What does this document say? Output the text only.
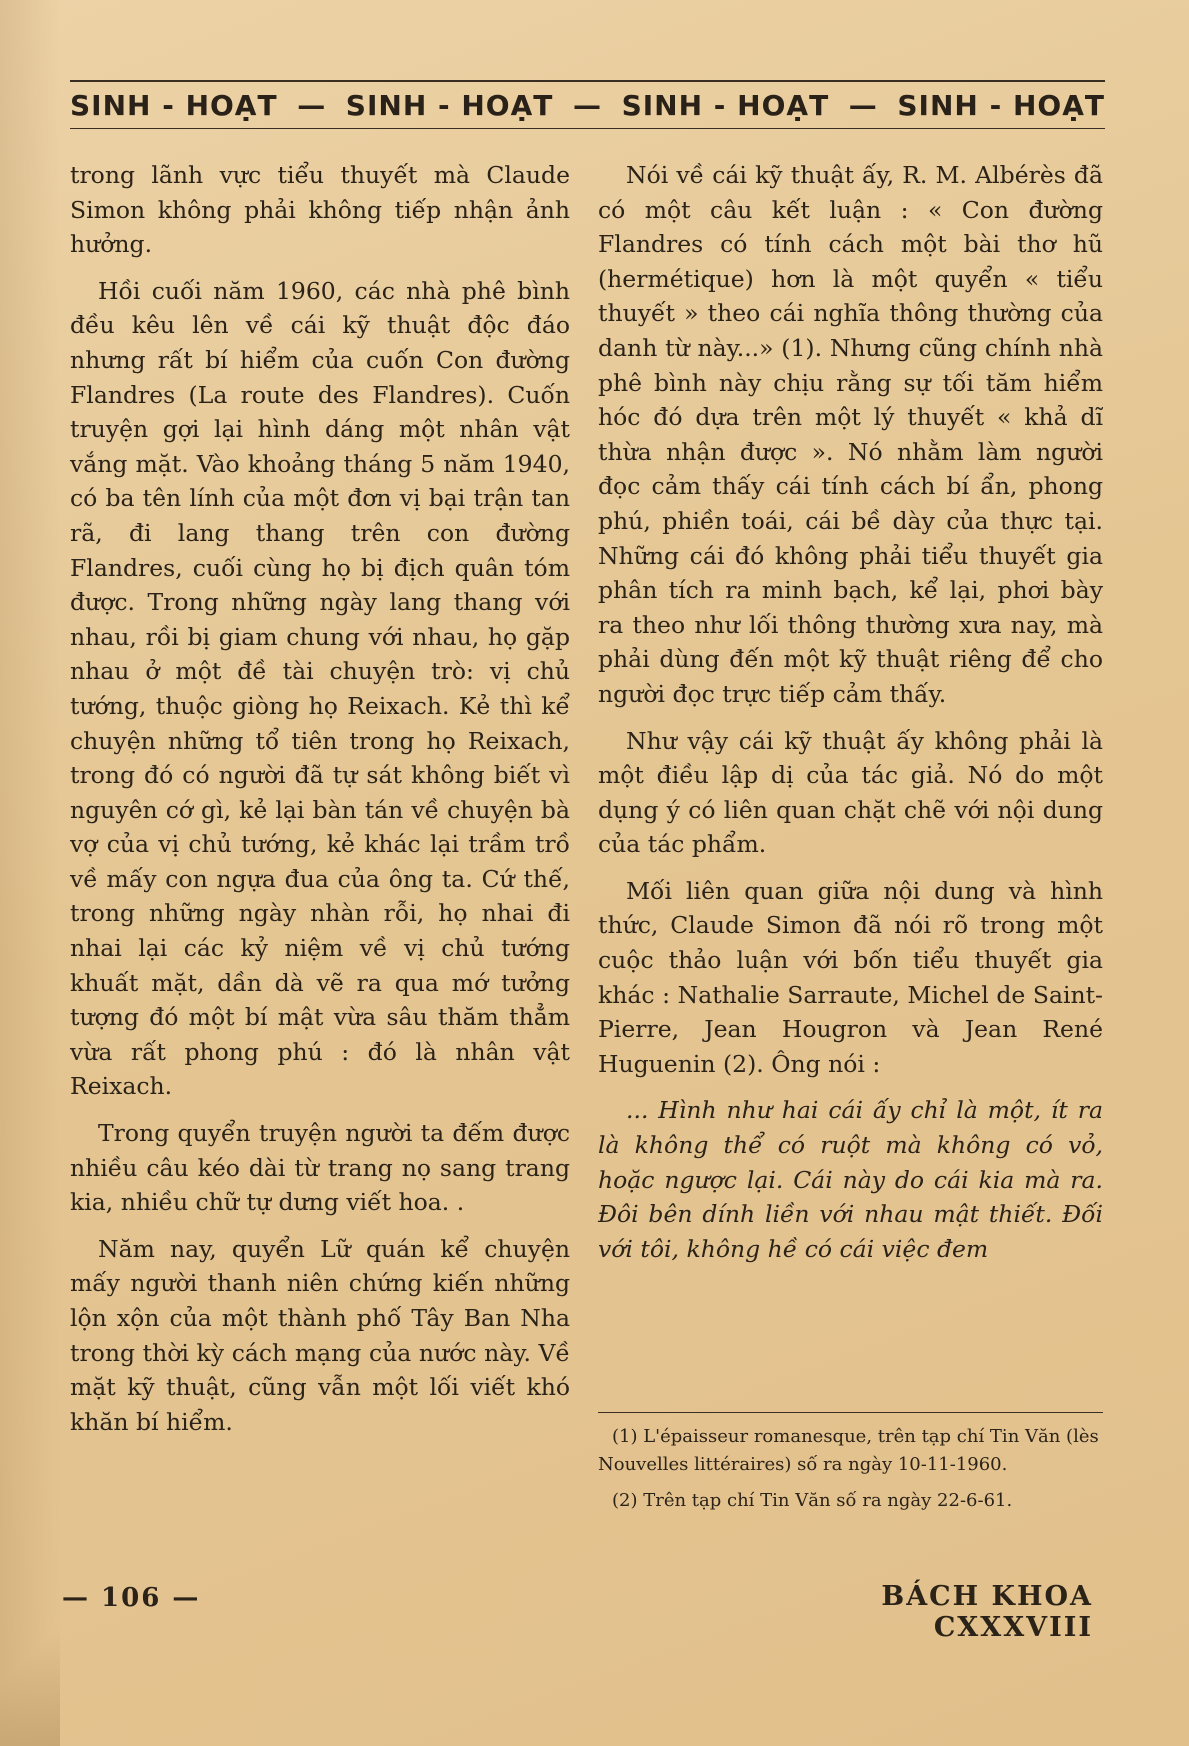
SINH - HOẠT — SINH - HOẠT — SINH - HOẠT — SINH - HOẠT

trong lãnh vực tiểu thuyết mà Claude Simon không phải không tiếp nhận ảnh hưởng.

Hồi cuối năm 1960, các nhà phê bình đều kêu lên về cái kỹ thuật độc đáo nhưng rất bí hiểm của cuốn Con đường Flandres (La route des Flandres). Cuốn truyện gợi lại hình dáng một nhân vật vắng mặt. Vào khoảng tháng 5 năm 1940, có ba tên lính của một đơn vị bại trận tan rã, đi lang thang trên con đường Flandres, cuối cùng họ bị địch quân tóm được. Trong những ngày lang thang với nhau, rồi bị giam chung với nhau, họ gặp nhau ở một đề tài chuyện trò: vị chủ tướng, thuộc giòng họ Reixach. Kẻ thì kể chuyện những tổ tiên trong họ Reixach, trong đó có người đã tự sát không biết vì nguyên cớ gì, kẻ lại bàn tán về chuyện bà vợ của vị chủ tướng, kẻ khác lại trầm trồ về mấy con ngựa đua của ông ta. Cứ thế, trong những ngày nhàn rỗi, họ nhai đi nhai lại các kỷ niệm về vị chủ tướng khuất mặt, dần dà vẽ ra qua mớ tưởng tượng đó một bí mật vừa sâu thăm thẳm vừa rất phong phú : đó là nhân vật Reixach.

Trong quyển truyện người ta đếm được nhiều câu kéo dài từ trang nọ sang trang kia, nhiều chữ tự dưng viết hoa. .

Năm nay, quyển Lữ quán kể chuyện mấy người thanh niên chứng kiến những lộn xộn của một thành phố Tây Ban Nha trong thời kỳ cách mạng của nước này. Về mặt kỹ thuật, cũng vẫn một lối viết khó khăn bí hiểm.

Nói về cái kỹ thuật ấy, R. M. Albérès đã có một câu kết luận : « Con đường Flandres có tính cách một bài thơ hũ (hermétique) hơn là một quyển « tiểu thuyết » theo cái nghĩa thông thường của danh từ này...» (1). Nhưng cũng chính nhà phê bình này chịu rằng sự tối tăm hiểm hóc đó dựa trên một lý thuyết « khả dĩ thừa nhận được ». Nó nhằm làm người đọc cảm thấy cái tính cách bí ẩn, phong phú, phiền toái, cái bề dày của thực tại. Những cái đó không phải tiểu thuyết gia phân tích ra minh bạch, kể lại, phơi bày ra theo như lối thông thường xưa nay, mà phải dùng đến một kỹ thuật riêng để cho người đọc trực tiếp cảm thấy.

Như vậy cái kỹ thuật ấy không phải là một điều lập dị của tác giả. Nó do một dụng ý có liên quan chặt chẽ với nội dung của tác phẩm.

Mối liên quan giữa nội dung và hình thức, Claude Simon đã nói rõ trong một cuộc thảo luận với bốn tiểu thuyết gia khác : Nathalie Sarraute, Michel de Saint-Pierre, Jean Hougron và Jean René Huguenin (2). Ông nói :

... Hình như hai cái ấy chỉ là một, ít ra là không thể có ruột mà không có vỏ, hoặc ngược lại. Cái này do cái kia mà ra. Đôi bên dính liền với nhau mật thiết. Đối với tôi, không hề có cái việc đem

(1) L'épaisseur romanesque, trên tạp chí Tin Văn (lès Nouvelles littéraires) số ra ngày 10-11-1960.

(2) Trên tạp chí Tin Văn số ra ngày 22-6-61.

— 106 —	BÁCH KHOA CXXXVIII
